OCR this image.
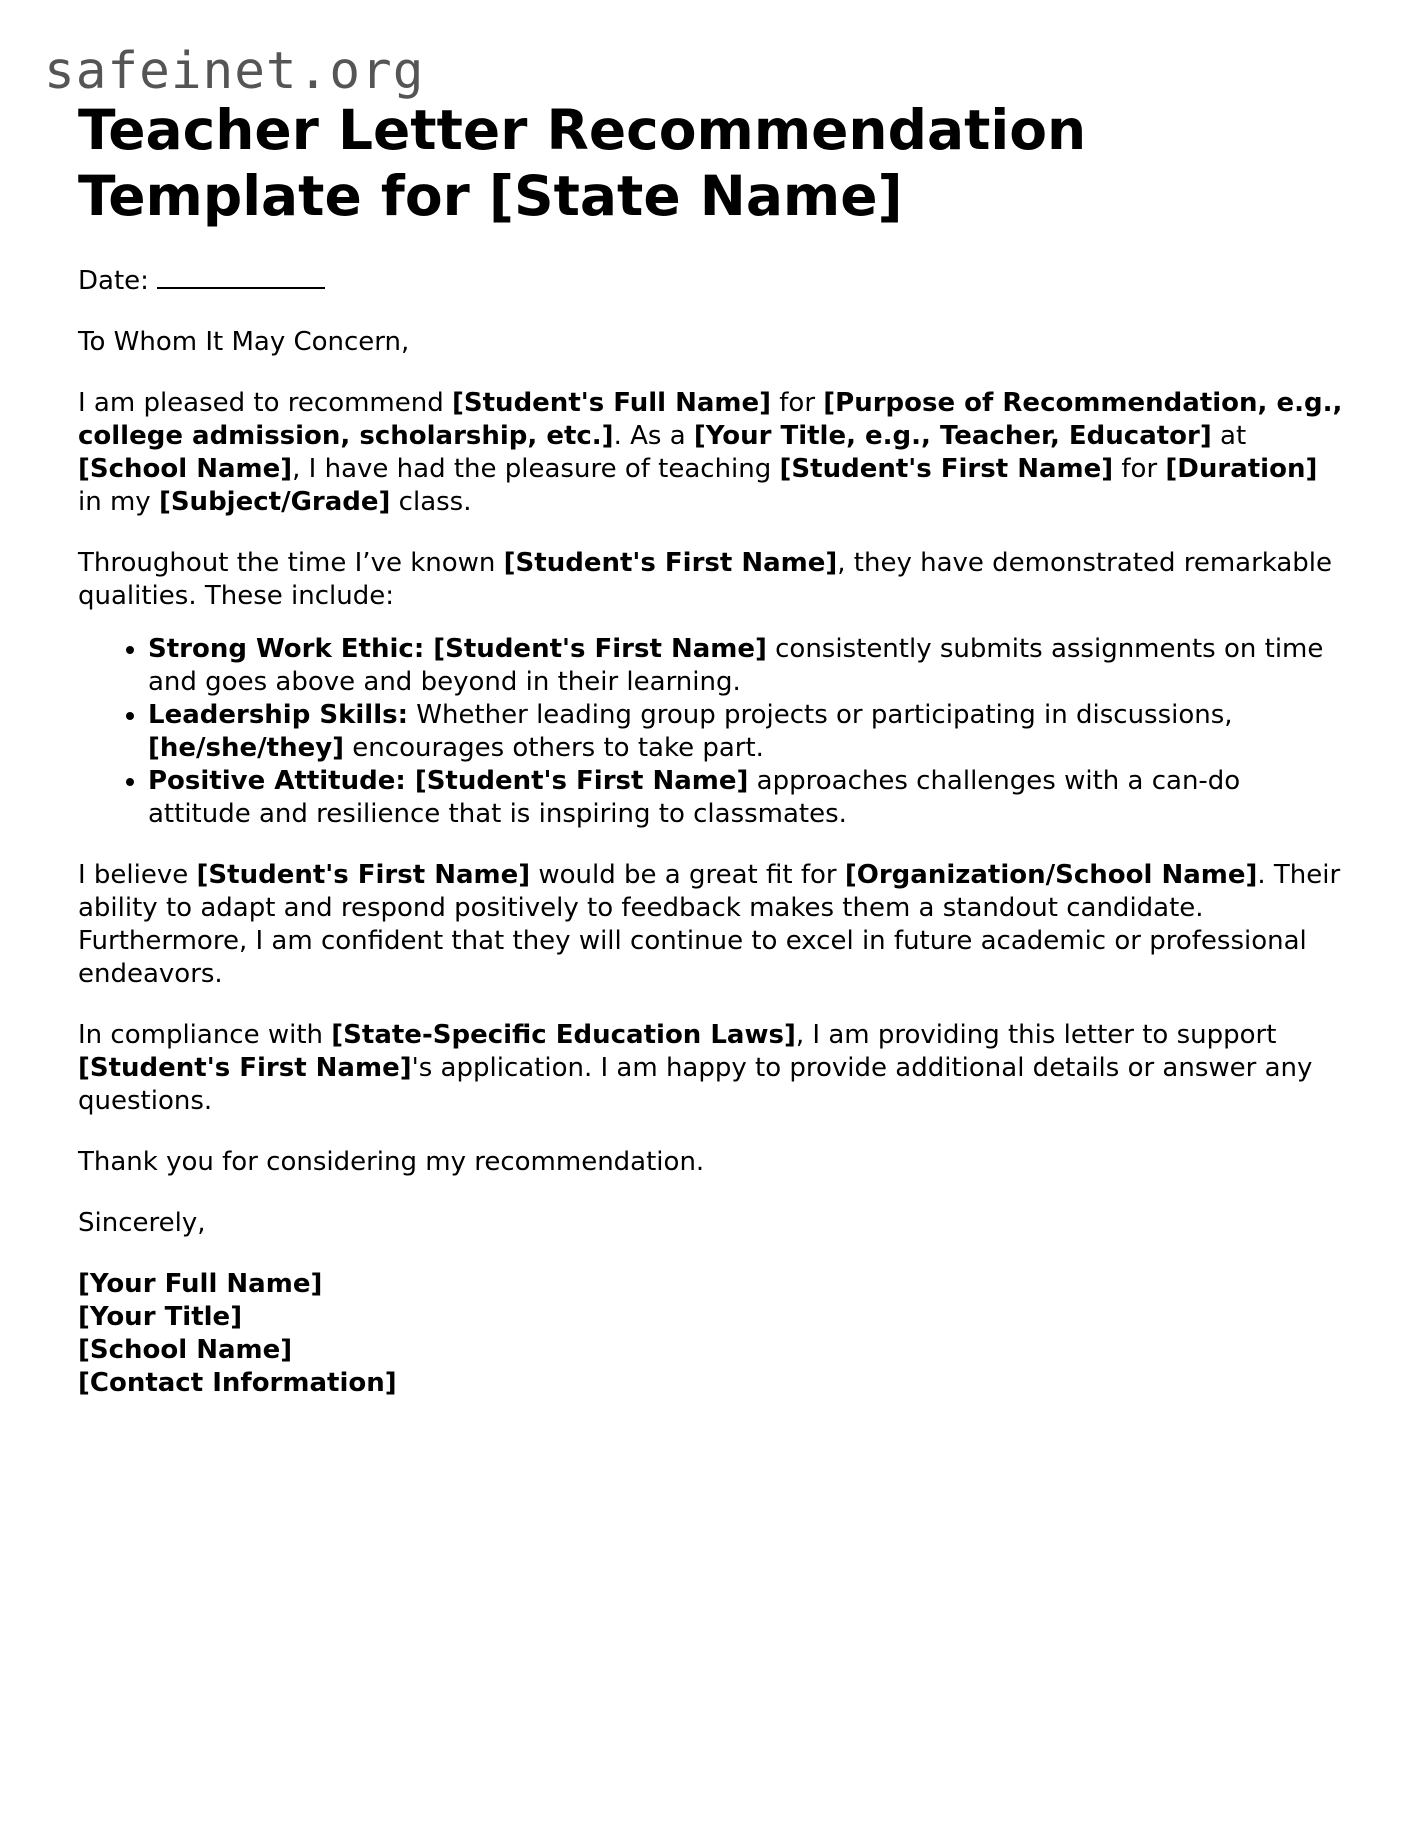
safeinet.org
Teacher Letter Recommendation Template for [State Name]

Date:

To Whom It May Concern,

I am pleased to recommend [Student's Full Name] for [Purpose of Recommendation, e.g., college admission, scholarship, etc.]. As a [Your Title, e.g., Teacher, Educator] at [School Name], I have had the pleasure of teaching [Student's First Name] for [Duration] in my [Subject/Grade] class.

Throughout the time I’ve known [Student's First Name], they have demonstrated remarkable qualities. These include:

• Strong Work Ethic: [Student's First Name] consistently submits assignments on time and goes above and beyond in their learning.
• Leadership Skills: Whether leading group projects or participating in discussions, [he/she/they] encourages others to take part.
• Positive Attitude: [Student's First Name] approaches challenges with a can-do attitude and resilience that is inspiring to classmates.

I believe [Student's First Name] would be a great fit for [Organization/School Name]. Their ability to adapt and respond positively to feedback makes them a standout candidate. Furthermore, I am confident that they will continue to excel in future academic or professional endeavors.

In compliance with [State-Specific Education Laws], I am providing this letter to support [Student's First Name]'s application. I am happy to provide additional details or answer any questions.

Thank you for considering my recommendation.

Sincerely,

[Your Full Name]
[Your Title]
[School Name]
[Contact Information]
